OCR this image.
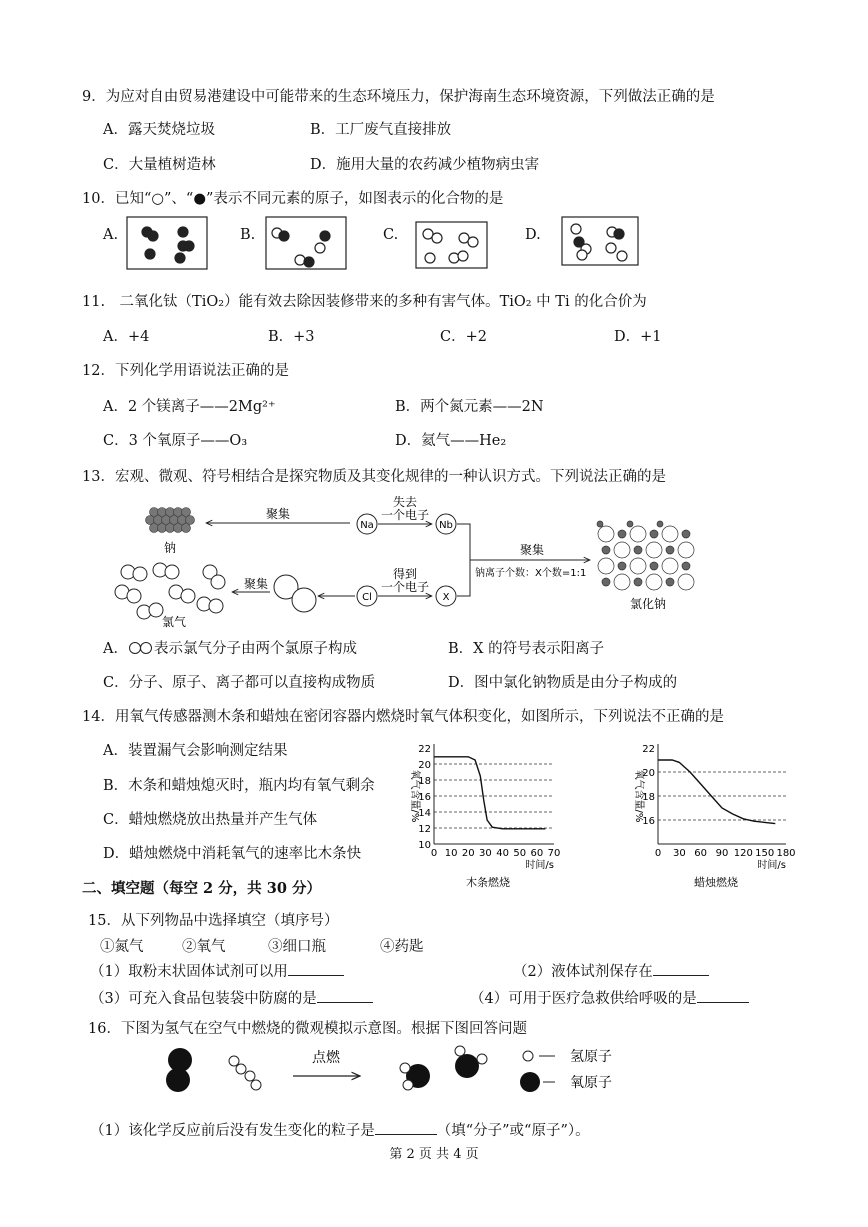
9．为应对自由贸易港建设中可能带来的生态环境压力，保护海南生态环境资源，下列做法正确的是
A．露天焚烧垃圾	B．工厂废气直接排放
C．大量植树造林	D．施用大量的农药减少植物病虫害
10．已知“○”、“●”表示不同元素的原子，如图表示的化合物的是
A.	B.	C.	D.
11.　二氧化钛（TiO₂）能有效去除因装修带来的多种有害气体。TiO₂ 中 Ti 的化合价为
A．+4	B．+3	C．+2	D．+1
12．下列化学用语说法正确的是
A．2 个镁离子——2Mg²⁺	B．两个氮元素——2N
C．3 个氧原子——O₃	D．氦气——He₂
13．宏观、微观、符号相结合是探究物质及其变化规律的一种认识方式。下列说法正确的是
钠
聚集
Na
失去
一个电子
Nb
聚集
钠离子个数：X个数=1:1
氯化钠
氯气
聚集
Cl
得到
一个电子
X
A． 表示氯气分子由两个氯原子构成	B．X 的符号表示阳离子
C．分子、原子、离子都可以直接构成物质	D．图中氯化钠物质是由分子构成的
14．用氧气传感器测木条和蜡烛在密闭容器内燃烧时氧气体积变化，如图所示，下列说法不正确的是
A．装置漏气会影响测定结果
B．木条和蜡烛熄灭时，瓶内均有氧气剩余
C．蜡烛燃烧放出热量并产生气体
D．蜡烛燃烧中消耗氧气的速率比木条快
10
12
14
16
18
20
22
0 10 20 30 40 50 60 70
氧气含量/%
时间/s
木条燃烧
16
18
20
22
0 30 60 90 120 150 180
氧气含量/%
时间/s
蜡烛燃烧
二、填空题（每空 2 分，共 30 分）
15．从下列物品中选择填空（填序号）
①氮气	②氧气	③细口瓶	④药匙
（1）取粉末状固体试剂可以用	（2）液体试剂保存在
（3）可充入食品包装袋中防腐的是	（4）可用于医疗急救供给呼吸的是
16．下图为氢气在空气中燃烧的微观模拟示意图。根据下图回答问题
点燃	氢原子
氧原子
（1）该化学反应前后没有发生变化的粒子是	（填“分子”或“原子”）。
第 2 页 共 4 页
